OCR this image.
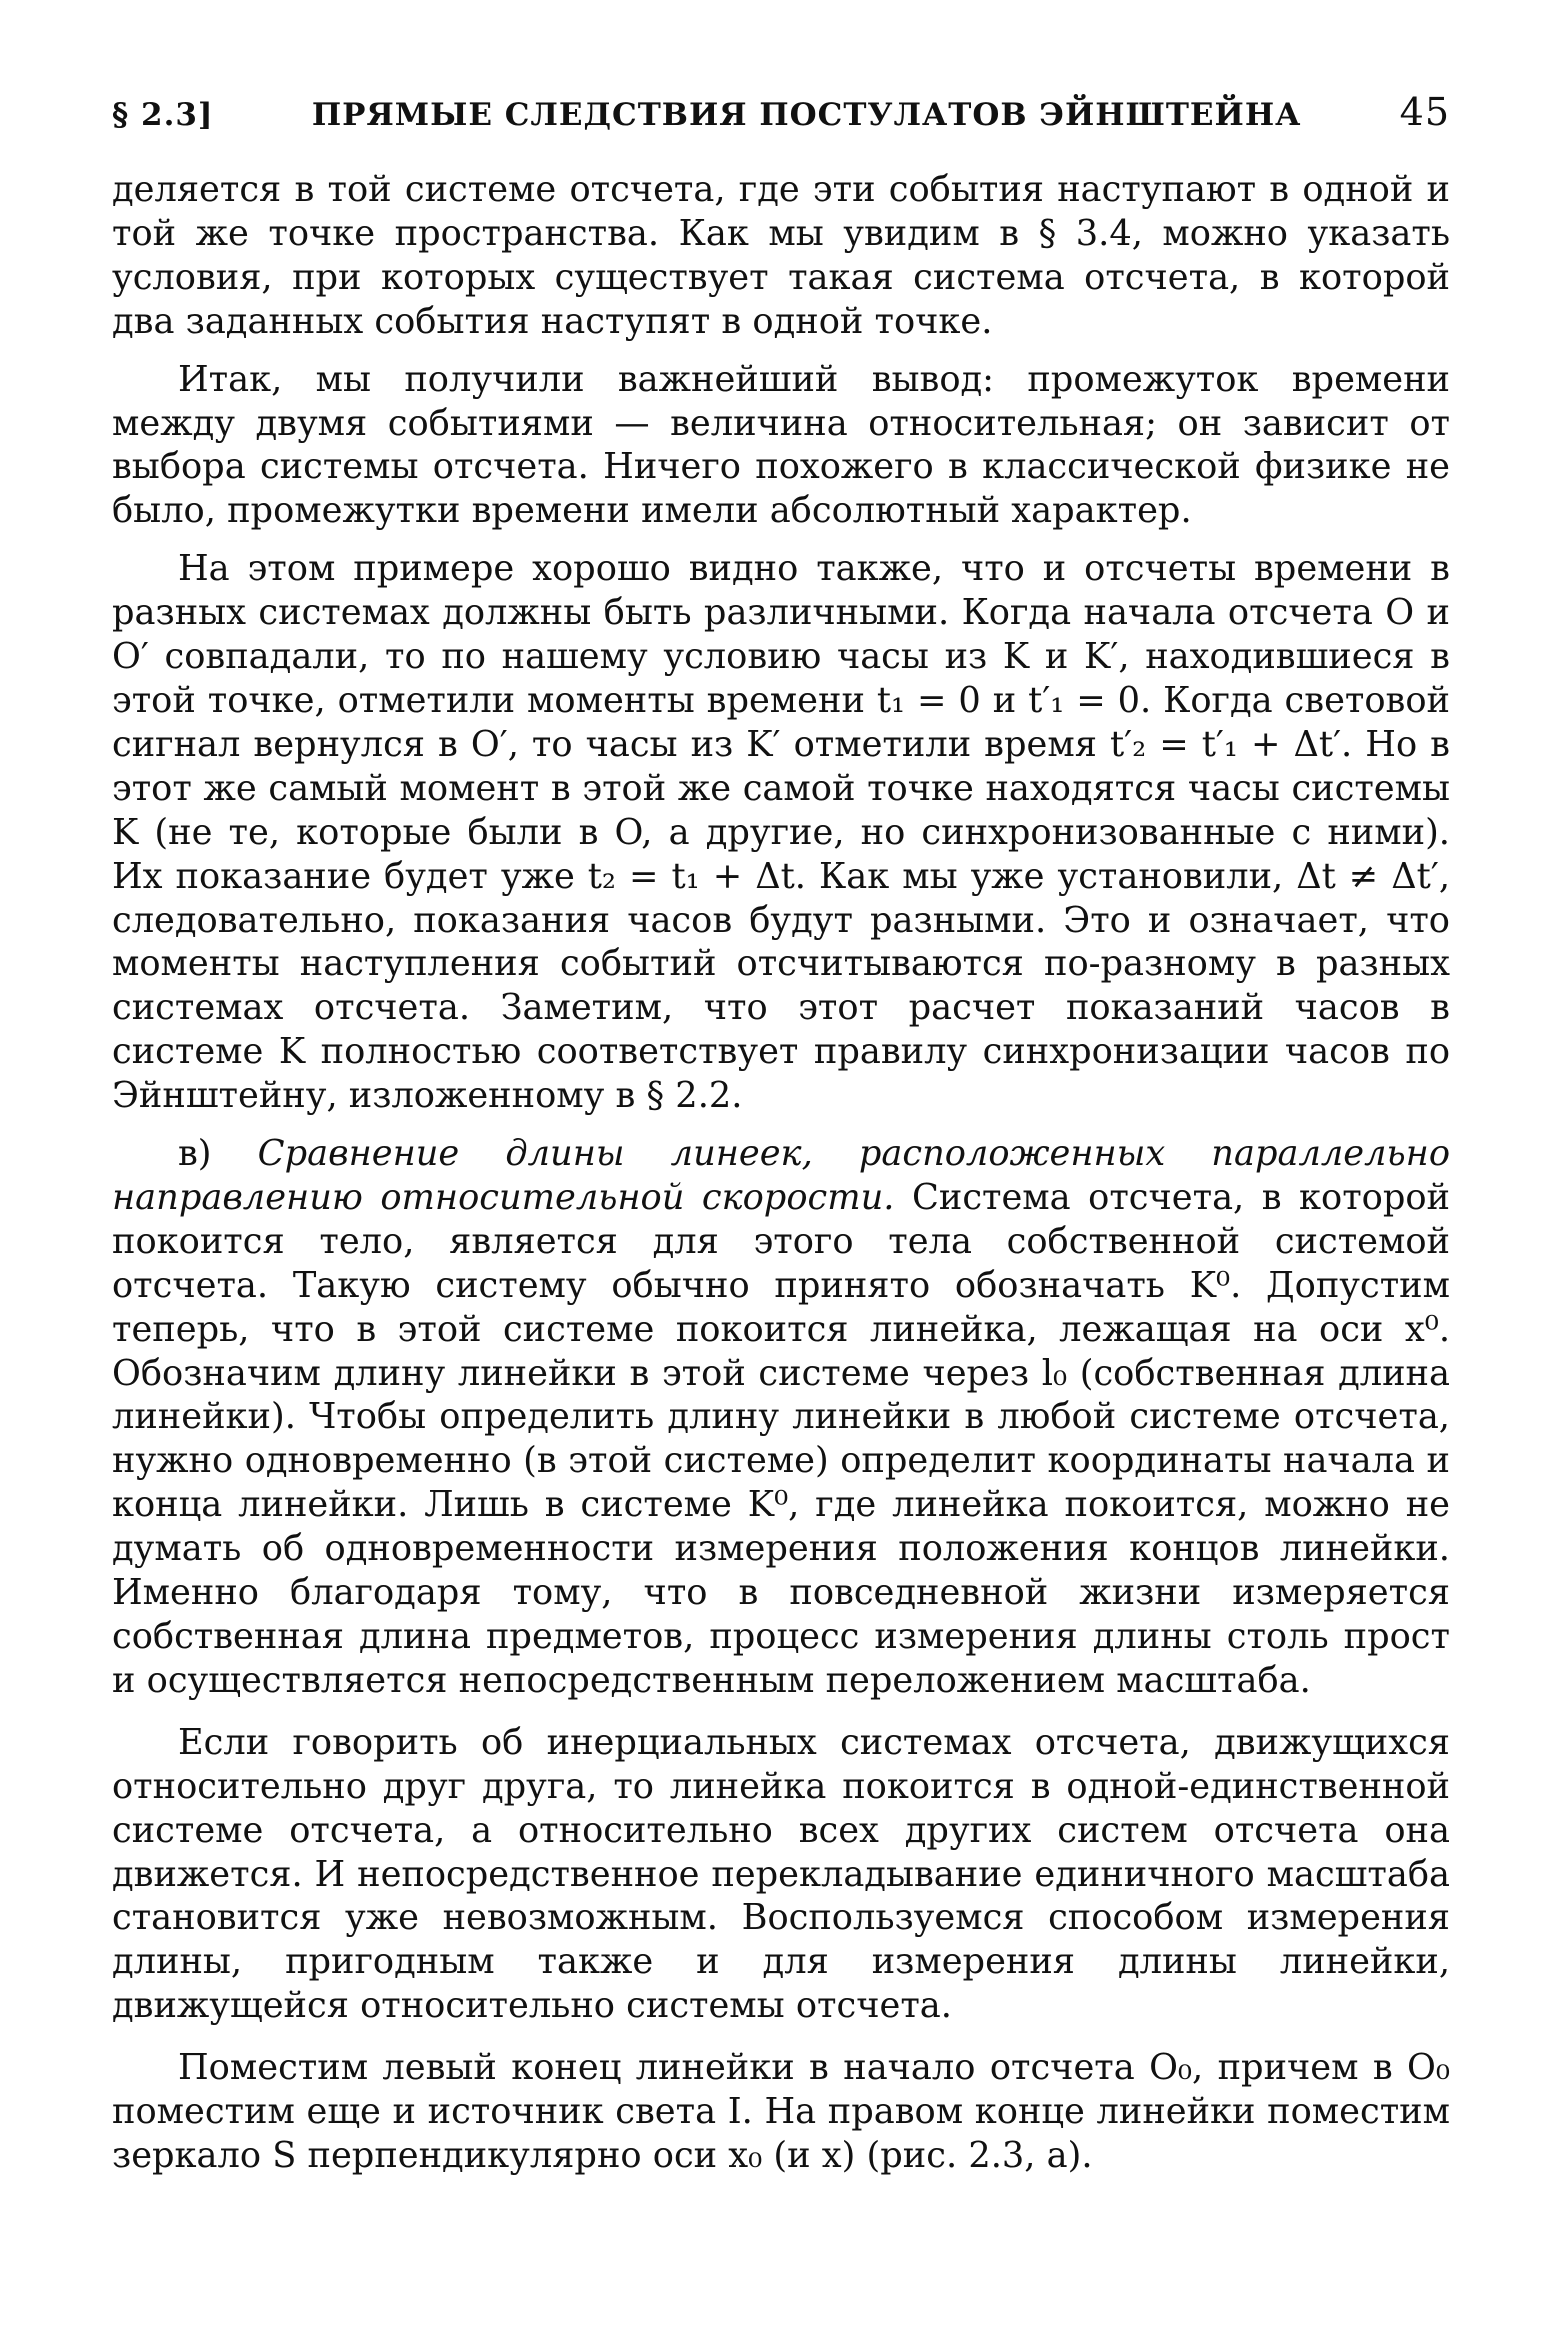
§ 2.3]	ПРЯМЫЕ СЛЕДСТВИЯ ПОСТУЛАТОВ ЭЙНШТЕЙНА	45

деляется в той системе отсчета, где эти события наступают в одной и той же точке пространства. Как мы увидим в § 3.4, можно указать условия, при которых существует такая система отсчета, в которой два заданных события наступят в одной точке.

Итак, мы получили важнейший вывод: промежуток времени между двумя событиями — величина относительная; он зависит от выбора системы отсчета. Ничего похожего в классической физике не было, промежутки времени имели абсолютный характер.

На этом примере хорошо видно также, что и отсчеты времени в разных системах должны быть различными. Когда начала отсчета O и O′ совпадали, то по нашему условию часы из K и K′, находившиеся в этой точке, отметили моменты времени t₁ = 0 и t′₁ = 0. Когда световой сигнал вернулся в O′, то часы из K′ отметили время t′₂ = t′₁ + Δt′. Но в этот же самый момент в этой же самой точке находятся часы системы K (не те, которые были в O, а другие, но синхронизованные с ними). Их показание будет уже t₂ = t₁ + Δt. Как мы уже установили, Δt ≠ Δt′, следовательно, показания часов будут разными. Это и означает, что моменты наступления событий отсчитываются по-разному в разных системах отсчета. Заметим, что этот расчет показаний часов в системе K полностью соответствует правилу синхронизации часов по Эйнштейну, изложенному в § 2.2.

в) Сравнение длины линеек, расположенных параллельно направлению относительной скорости. Система отсчета, в которой покоится тело, является для этого тела собственной системой отсчета. Такую систему обычно принято обозначать K⁰. Допустим теперь, что в этой системе покоится линейка, лежащая на оси x⁰. Обозначим длину линейки в этой системе через l₀ (собственная длина линейки). Чтобы определить длину линейки в любой системе отсчета, нужно одновременно (в этой системе) определит координаты начала и конца линейки. Лишь в системе K⁰, где линейка покоится, можно не думать об одновременности измерения положения концов линейки. Именно благодаря тому, что в повседневной жизни измеряется собственная длина предметов, процесс измерения длины столь прост и осуществляется непосредственным переложением масштаба.

Если говорить об инерциальных системах отсчета, движущихся относительно друг друга, то линейка покоится в одной-единственной системе отсчета, а относительно всех других систем отсчета она движется. И непосредственное перекладывание единичного масштаба становится уже невозможным. Воспользуемся способом измерения длины, пригодным также и для измерения длины линейки, движущейся относительно системы отсчета.

Поместим левый конец линейки в начало отсчета O₀, причем в O₀ поместим еще и источник света I. На правом конце линейки поместим зеркало S перпендикулярно оси x₀ (и x) (рис. 2.3, a).
